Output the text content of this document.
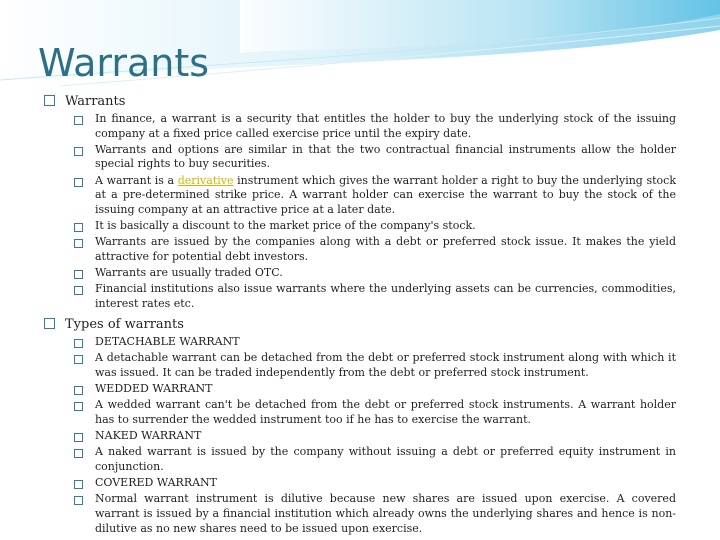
Warrants
Warrants
In finance, a warrant is a security that entitles the holder to buy the underlying stock of the issuing company at a fixed price called exercise price until the expiry date.
Warrants and options are similar in that the two contractual financial instruments allow the holder special rights to buy securities.
A warrant is a derivative instrument which gives the warrant holder a right to buy the underlying stock at a pre-determined strike price. A warrant holder can exercise the warrant to buy the stock of the issuing company at an attractive price at a later date.
It is basically a discount to the market price of the company's stock.
Warrants are issued by the companies along with a debt or preferred stock issue. It makes the yield attractive for potential debt investors.
Warrants are usually traded OTC.
Financial institutions also issue warrants where the underlying assets can be currencies, commodities, interest rates etc.
Types of warrants
DETACHABLE WARRANT
A detachable warrant can be detached from the debt or preferred stock instrument along with which it was issued. It can be traded independently from the debt or preferred stock instrument.
WEDDED WARRANT
A wedded warrant can't be detached from the debt or preferred stock instruments. A warrant holder has to surrender the wedded instrument too if he has to exercise the warrant.
NAKED WARRANT
A naked warrant is issued by the company without issuing a debt or preferred equity instrument in conjunction.
COVERED WARRANT
Normal warrant instrument is dilutive because new shares are issued upon exercise. A covered warrant is issued by a financial institution which already owns the underlying shares and hence is non-dilutive as no new shares need to be issued upon exercise.
